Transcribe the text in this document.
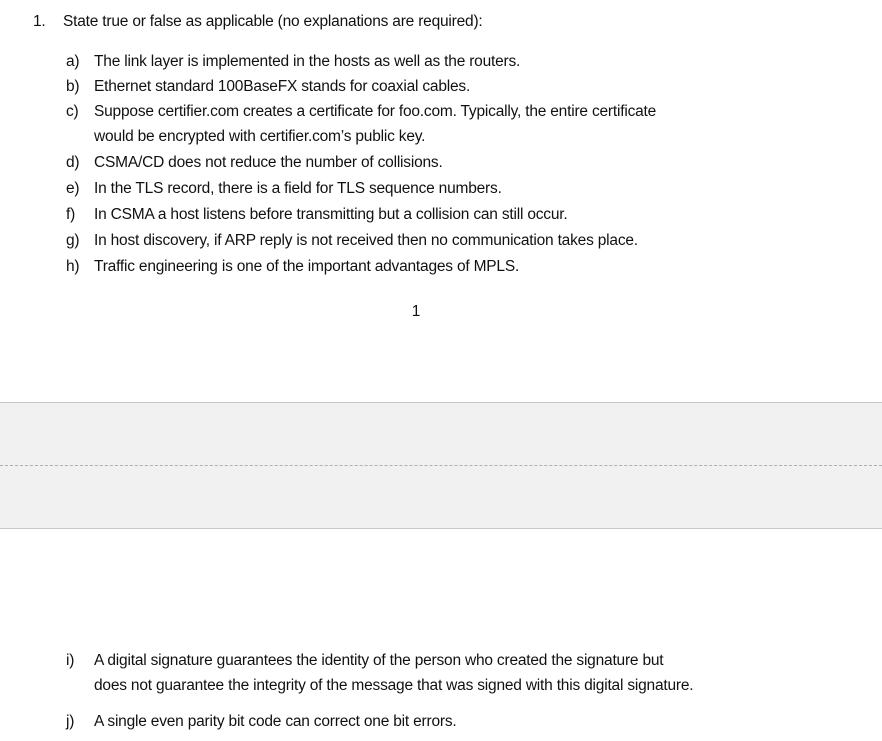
1. State true or false as applicable (no explanations are required):
a) The link layer is implemented in the hosts as well as the routers.
b) Ethernet standard 100BaseFX stands for coaxial cables.
c) Suppose certifier.com creates a certificate for foo.com. Typically, the entire certificate
would be encrypted with certifier.com’s public key.
d) CSMA/CD does not reduce the number of collisions.
e) In the TLS record, there is a field for TLS sequence numbers.
f) In CSMA a host listens before transmitting but a collision can still occur.
g) In host discovery, if ARP reply is not received then no communication takes place.
h) Traffic engineering is one of the important advantages of MPLS.
1
i) A digital signature guarantees the identity of the person who created the signature but
does not guarantee the integrity of the message that was signed with this digital signature.
j) A single even parity bit code can correct one bit errors.
